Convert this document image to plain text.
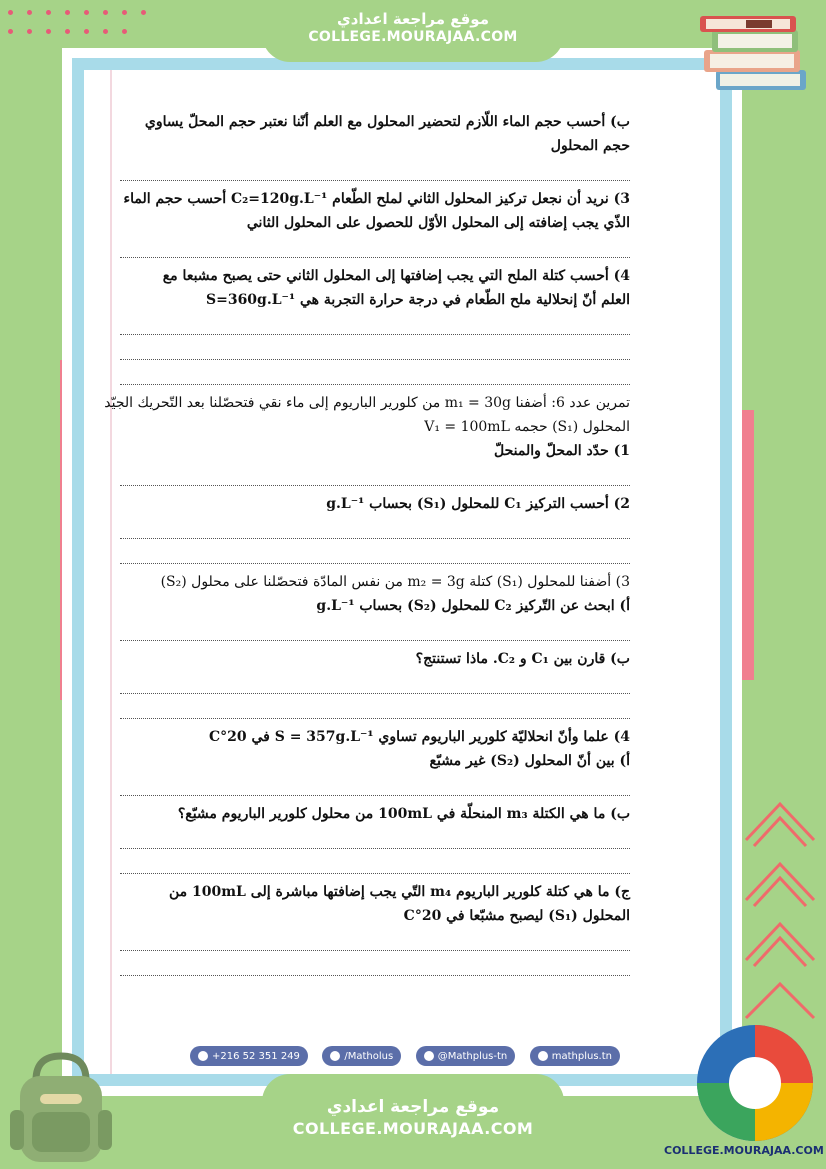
موقع مراجعة اعدادي
COLLEGE.MOURAJAA.COM
ب) أحسب حجم الماء اللّازم لتحضير المحلول مع العلم أنّنا نعتبر حجم المحلّ يساوي
حجم المحلول
3) نريد أن نجعل تركيز المحلول الثاني لملح الطّعام C₂=120g.L⁻¹ أحسب حجم الماء
الذّي يجب إضافته إلى المحلول الأوّل للحصول على المحلول الثاني
4) أحسب كتلة الملح التي يجب إضافتها إلى المحلول الثاني حتى يصبح مشبعا مع
العلم أنّ إنحلالية ملح الطّعام في درجة حرارة التجربة هي S=360g.L⁻¹
تمرين عدد 6: أضفنا m₁ = 30g من كلورير الباريوم إلى ماء نقي فتحصّلنا بعد التّحريك الجيّد
المحلول (S₁) حجمه V₁ = 100mL
1) حدّد المحلّ والمنحلّ
2) أحسب التركيز C₁ للمحلول (S₁) بحساب g.L⁻¹
3) أضفنا للمحلول (S₁) كتلة m₂ = 3g من نفس المادّة فتحصّلنا على محلول (S₂)
أ) ابحث عن التّركيز C₂ للمحلول (S₂) بحساب g.L⁻¹
ب) قارن بين C₁ و C₂. ماذا تستنتج؟
4) علما وأنّ انحلاليّة كلورير الباريوم تساوي S = 357g.L⁻¹ في 20°C
أ) بين أنّ المحلول (S₂) غير مشبّع
ب) ما هي الكتلة m₃ المنحلّة في 100mL من محلول كلورير الباريوم مشبّع؟
ج) ما هي كتلة كلورير الباريوم m₄ التّي يجب إضافتها مباشرة إلى 100mL من
المحلول (S₁) ليصبح مشبّعا في 20°C
+216 52 351 249	/Matholus	@Mathplus-tn	mathplus.tn
موقع مراجعة اعدادي
COLLEGE.MOURAJAA.COM
COLLEGE.MOURAJAA.COM
